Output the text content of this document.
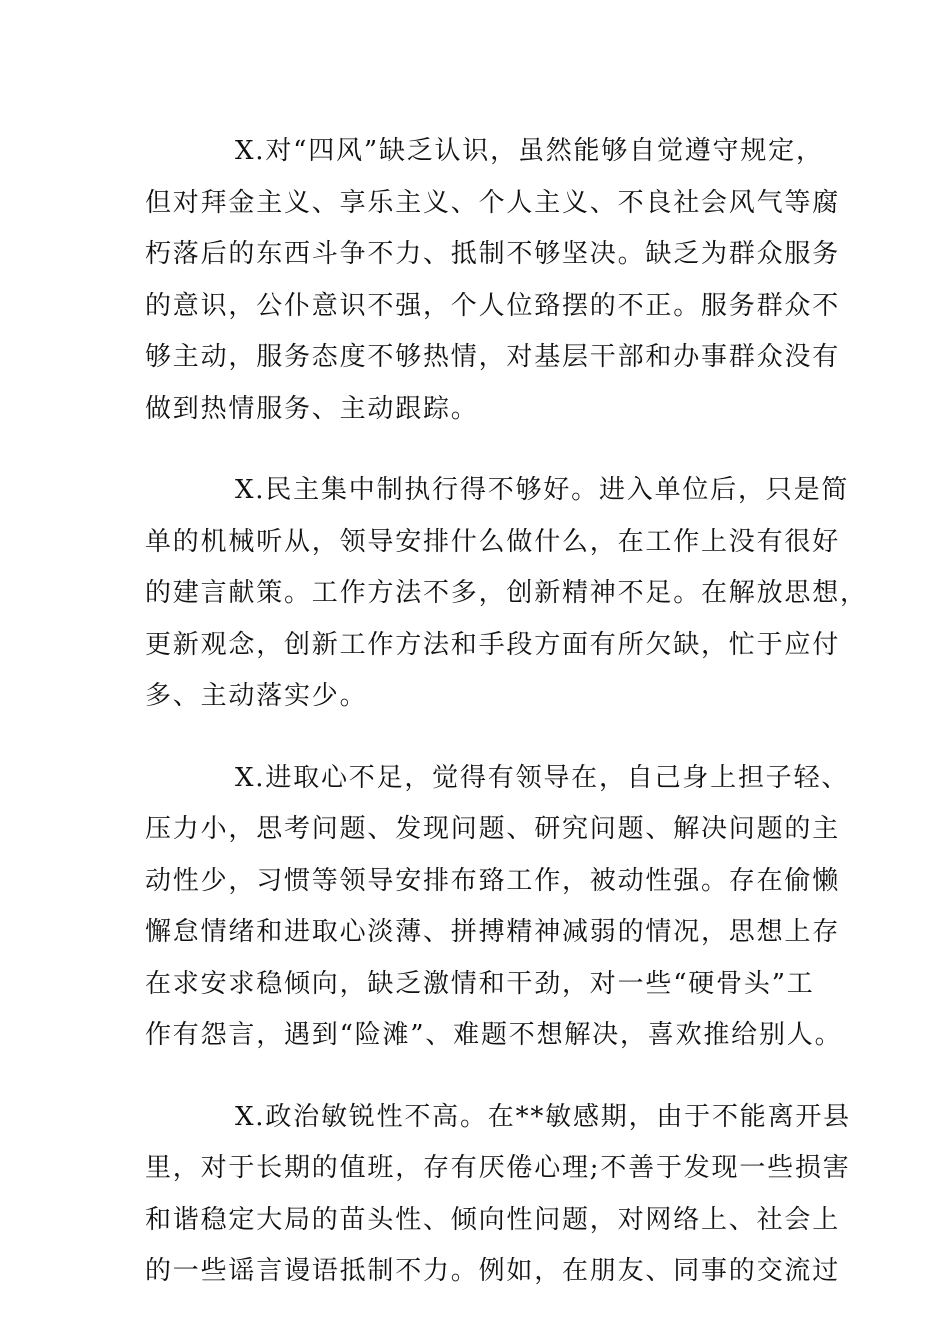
X.对“四风”缺乏认识，虽然能够自觉遵守规定，
但对拜金主义、享乐主义、个人主义、不良社会风气等腐
朽落后的东西斗争不力、抵制不够坚决。缺乏为群众服务
的意识，公仆意识不强，个人位臵摆的不正。服务群众不
够主动，服务态度不够热情，对基层干部和办事群众没有
做到热情服务、主动跟踪。

X.民主集中制执行得不够好。进入单位后，只是简
单的机械听从，领导安排什么做什么，在工作上没有很好
的建言献策。工作方法不多，创新精神不足。在解放思想，
更新观念，创新工作方法和手段方面有所欠缺，忙于应付
多、主动落实少。

X.进取心不足，觉得有领导在，自己身上担子轻、
压力小，思考问题、发现问题、研究问题、解决问题的主
动性少，习惯等领导安排布臵工作，被动性强。存在偷懒
懈怠情绪和进取心淡薄、拼搏精神减弱的情况，思想上存
在求安求稳倾向，缺乏激情和干劲，对一些“硬骨头”工
作有怨言，遇到“险滩”、难题不想解决，喜欢推给别人。

X.政治敏锐性不高。在**敏感期，由于不能离开县
里，对于长期的值班，存有厌倦心理;不善于发现一些损害
和谐稳定大局的苗头性、倾向性问题，对网络上、社会上
的一些谣言谩语抵制不力。例如，在朋友、同事的交流过
